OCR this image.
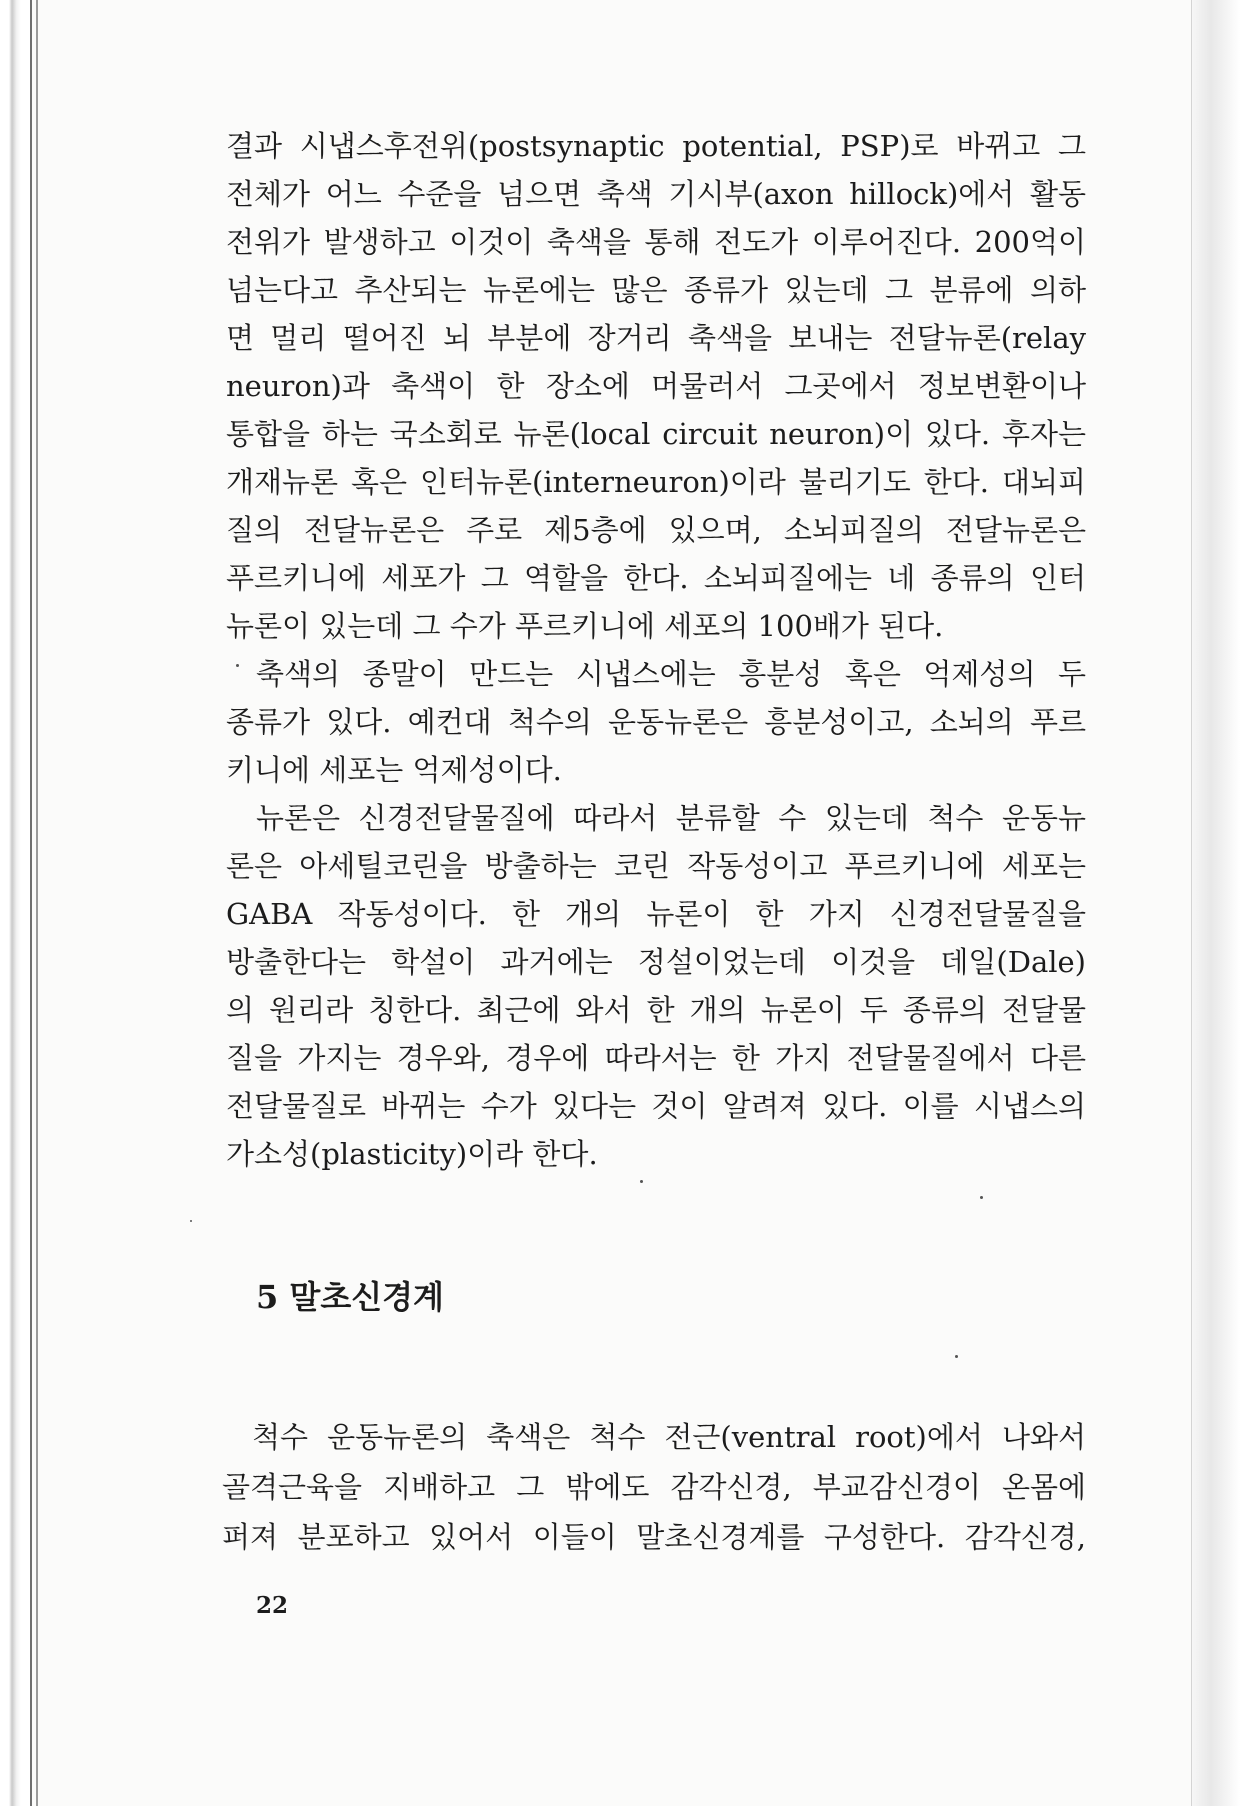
결과 시냅스후전위(postsynaptic potential, PSP)로 바뀌고 그
전체가 어느 수준을 넘으면 축색 기시부(axon hillock)에서 활동
전위가 발생하고 이것이 축색을 통해 전도가 이루어진다. 200억이
넘는다고 추산되는 뉴론에는 많은 종류가 있는데 그 분류에 의하
면 멀리 떨어진 뇌 부분에 장거리 축색을 보내는 전달뉴론(relay
neuron)과 축색이 한 장소에 머물러서 그곳에서 정보변환이나
통합을 하는 국소회로 뉴론(local circuit neuron)이 있다. 후자는
개재뉴론 혹은 인터뉴론(interneuron)이라 불리기도 한다. 대뇌피
질의 전달뉴론은 주로 제5층에 있으며, 소뇌피질의 전달뉴론은
푸르키니에 세포가 그 역할을 한다. 소뇌피질에는 네 종류의 인터
뉴론이 있는데 그 수가 푸르키니에 세포의 100배가 된다.
축색의 종말이 만드는 시냅스에는 흥분성 혹은 억제성의 두
종류가 있다. 예컨대 척수의 운동뉴론은 흥분성이고, 소뇌의 푸르
키니에 세포는 억제성이다.
뉴론은 신경전달물질에 따라서 분류할 수 있는데 척수 운동뉴
론은 아세틸코린을 방출하는 코린 작동성이고 푸르키니에 세포는
GABA 작동성이다. 한 개의 뉴론이 한 가지 신경전달물질을
방출한다는 학설이 과거에는 정설이었는데 이것을 데일(Dale)
의 원리라 칭한다. 최근에 와서 한 개의 뉴론이 두 종류의 전달물
질을 가지는 경우와, 경우에 따라서는 한 가지 전달물질에서 다른
전달물질로 바뀌는 수가 있다는 것이 알려져 있다. 이를 시냅스의
가소성(plasticity)이라 한다.
5 말초신경계
척수 운동뉴론의 축색은 척수 전근(ventral root)에서 나와서
골격근육을 지배하고 그 밖에도 감각신경, 부교감신경이 온몸에
퍼져 분포하고 있어서 이들이 말초신경계를 구성한다. 감각신경,
22
